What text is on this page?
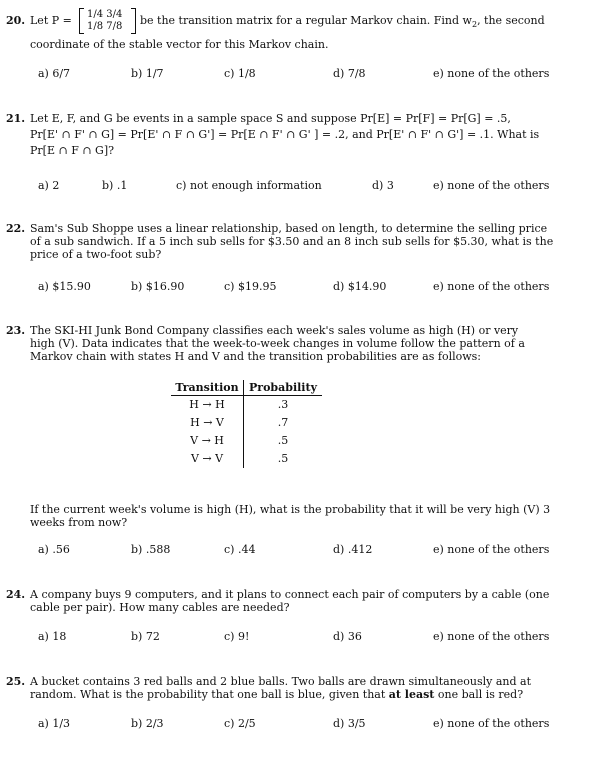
20. Let P = 1/4 3/4
1/8 7/8 be the transition matrix for a regular Markov chain. Find $w_2$, the second
coordinate of the stable vector for this Markov chain.
a) 6/7	b) 1/7	c) 1/8	d) 7/8	e) none of the others
21. Let E, F, and G be events in a sample space S and suppose Pr[E] = Pr[F] = Pr[G] = .5,
Pr[E' ∩ F' ∩ G] = Pr[E' ∩ F ∩ G'] = Pr[E ∩ F' ∩ G' ] = .2, and Pr[E' ∩ F' ∩ G'] = .1. What is
Pr[E ∩ F ∩ G]?
a) 2	b) .1	c) not enough information	d) 3	e) none of the others
22. Sam's Sub Shoppe uses a linear relationship, based on length, to determine the selling price
of a sub sandwich. If a 5 inch sub sells for $3.50 and an 8 inch sub sells for $5.30, what is the
price of a two-foot sub?
a) $15.90	b) $16.90	c) $19.95	d) $14.90	e) none of the others
23. The SKI-HI Junk Bond Company classifies each week's sales volume as high (H) or very
high (V). Data indicates that the week-to-week changes in volume follow the pattern of a
Markov chain with states H and V and the transition probabilities are as follows:
Transition	Probability
H → H	.3
H → V	.7
V → H	.5
V → V	.5
If the current week's volume is high (H), what is the probability that it will be very high (V) 3
weeks from now?
a) .56	b) .588	c) .44	d) .412	e) none of the others
24. A company buys 9 computers, and it plans to connect each pair of computers by a cable (one
cable per pair). How many cables are needed?
a) 18	b) 72	c) 9!	d) 36	e) none of the others
25. A bucket contains 3 red balls and 2 blue balls. Two balls are drawn simultaneously and at
random. What is the probability that one ball is blue, given that at least one ball is red?
a) 1/3	b) 2/3	c) 2/5	d) 3/5	e) none of the others
